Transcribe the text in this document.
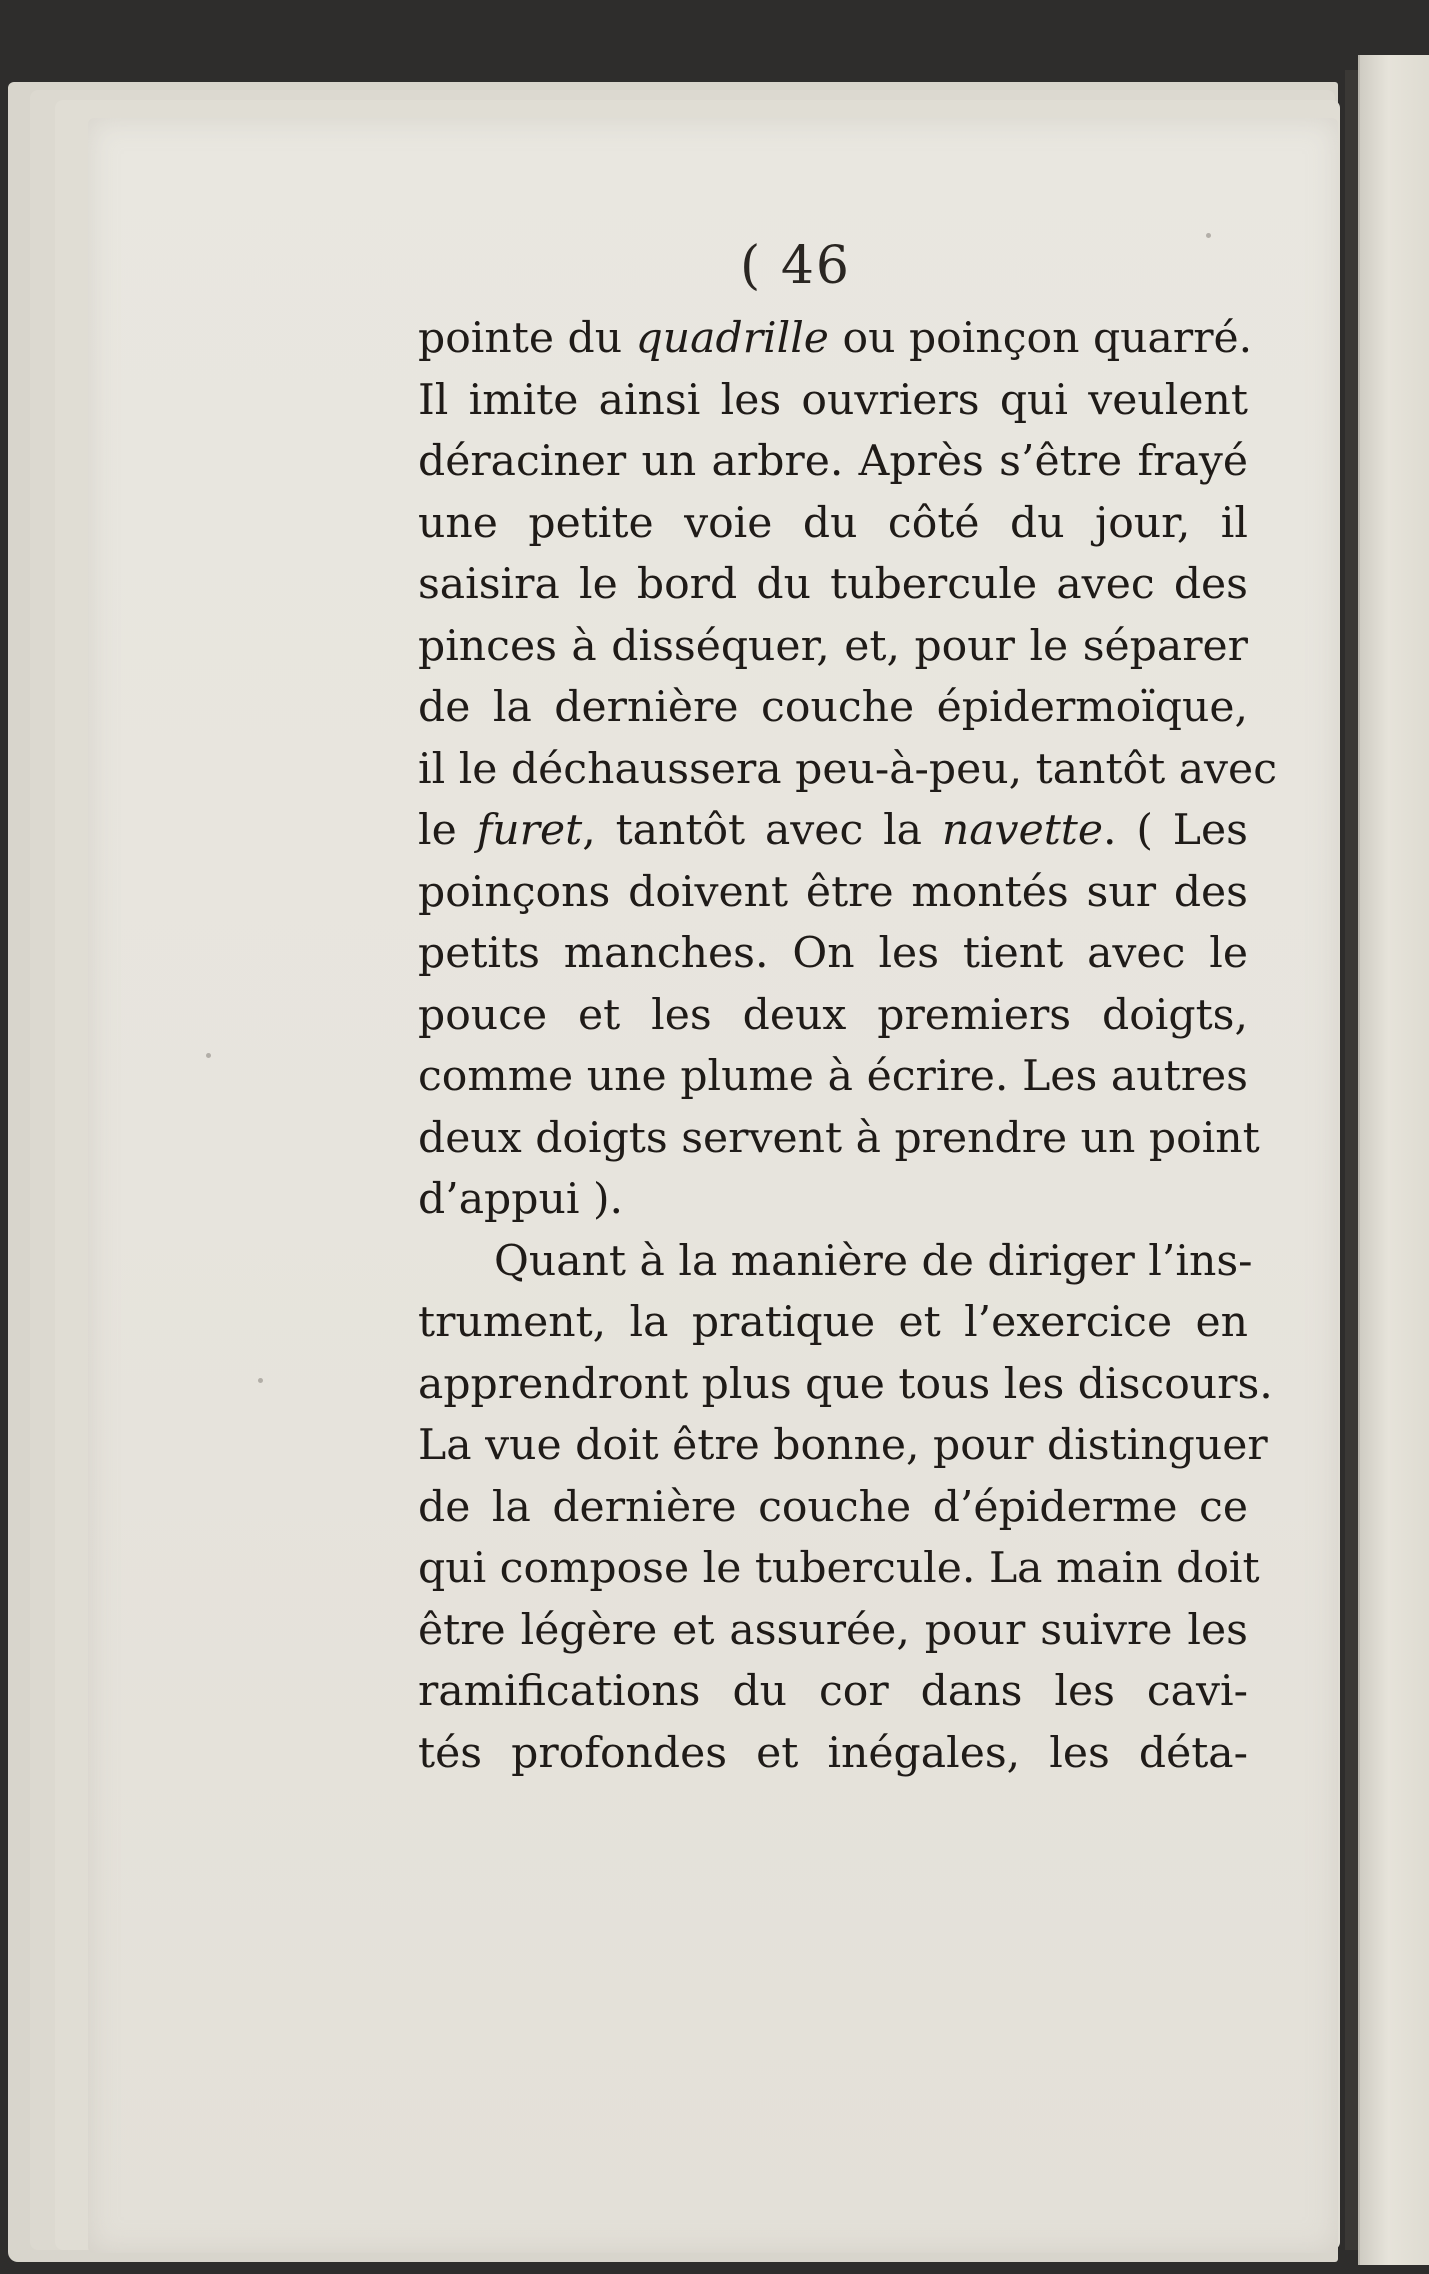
( 46
pointe du quadrille ou poinçon quarré.
Il imite ainsi les ouvriers qui veulent
déraciner un arbre. Après s’être frayé
une petite voie du côté du jour, il
saisira le bord du tubercule avec des
pinces à disséquer, et, pour le séparer
de la dernière couche épidermoïque,
il le déchaussera peu-à-peu, tantôt avec
le furet, tantôt avec la navette. ( Les
poinçons doivent être montés sur des
petits manches. On les tient avec le
pouce et les deux premiers doigts,
comme une plume à écrire. Les autres
deux doigts servent à prendre un point
d’appui ).
Quant à la manière de diriger l’ins-
trument, la pratique et l’exercice en
apprendront plus que tous les discours.
La vue doit être bonne, pour distinguer
de la dernière couche d’épiderme ce
qui compose le tubercule. La main doit
être légère et assurée, pour suivre les
ramifications du cor dans les cavi-
tés profondes et inégales, les déta-
